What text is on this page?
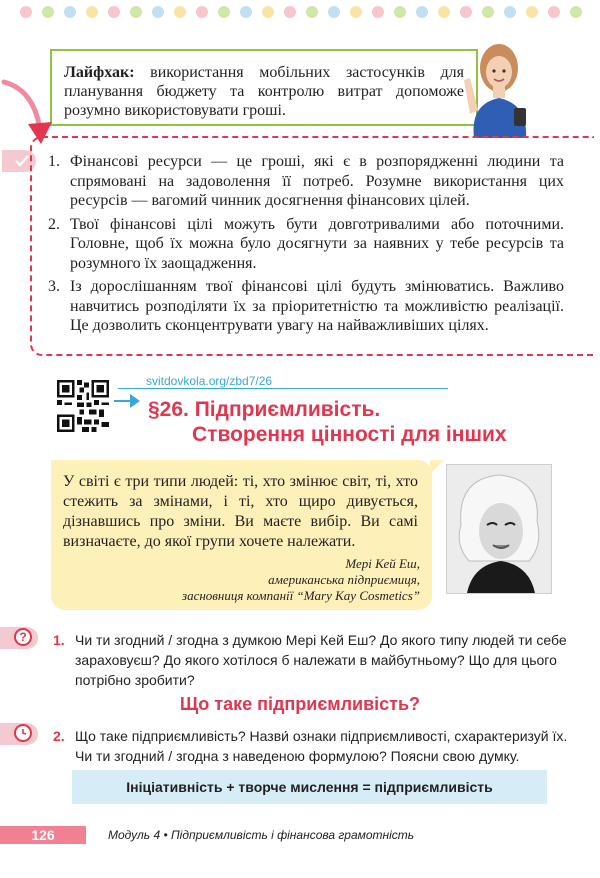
Лайфхак: використання мобільних застосунків для планування бюджету та контролю витрат допоможе розумно використовувати гроші.

1. Фінансові ресурси — це гроші, які є в розпорядженні людини та спрямовані на задоволення її потреб. Розумне використання цих ресурсів — вагомий чинник досягнення фінансових цілей.
2. Твої фінансові цілі можуть бути довготривалими або поточними. Головне, щоб їх можна було досягнути за наявних у тебе ресурсів та розумного їх заощадження.
3. Із дорослішанням твої фінансові цілі будуть змінюватись. Важливо навчитись розподіляти їх за пріоритетністю та можливістю реалізації. Це дозволить сконцентрувати увагу на найважливіших цілях.
svitdovkola.org/zbd7/26
§26. Підприємливість.
Створення цінності для інших
У світі є три типи людей: ті, хто змінює світ, ті, хто стежить за змінами, і ті, хто щиро дивується, дізнавшись про зміни. Ви маєте вибір. Ви самі визначаєте, до якої групи хочете належати.
Мері Кей Еш,
американська підприємиця,
засновниця компанії “Mary Kay Cosmetics”
?	1. Чи ти згодний / згодна з думкою Мері Кей Еш? До якого типу людей ти себе зараховуєш? До якого хотілося б належати в майбутньому? Що для цього потрібно зробити?
Що таке підприємливість?
2. Що таке підприємливість? Назви́ ознаки підприємливості, схарактеризуй їх. Чи ти згодний / згодна з наведеною формулою? Поясни свою думку.
Ініціативність + творче мислення = підприємливість
126	Модуль 4 • Підприємливість і фінансова грамотність
